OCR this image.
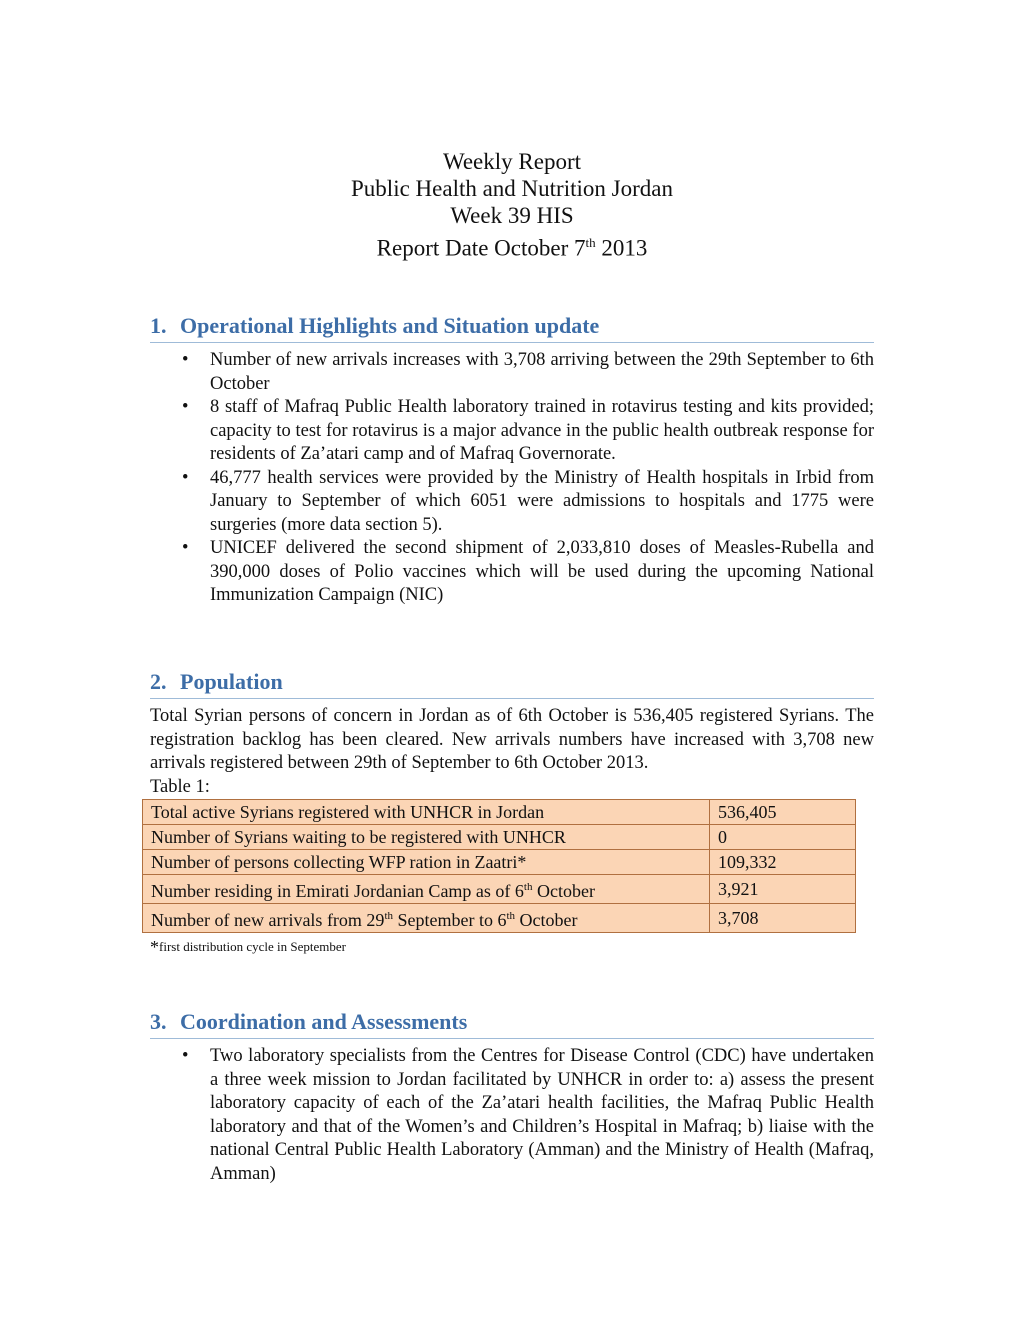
Weekly Report

Public Health and Nutrition Jordan

Week 39 HIS

Report Date October 7th 2013

1. Operational Highlights and Situation update
• Number of new arrivals increases with 3,708 arriving between the 29th September to 6th October
• 8 staff of Mafraq Public Health laboratory trained in rotavirus testing and kits provided; capacity to test for rotavirus is a major advance in the public health outbreak response for residents of Za’atari camp and of Mafraq Governorate.
• 46,777 health services were provided by the Ministry of Health hospitals in Irbid from January to September of which 6051 were admissions to hospitals and 1775 were surgeries (more data section 5).
• UNICEF delivered the second shipment of 2,033,810 doses of Measles-Rubella and 390,000 doses of Polio vaccines which will be used during the upcoming National Immunization Campaign (NIC)
2. Population

Total Syrian persons of concern in Jordan as of 6th October is 536,405 registered Syrians. The registration backlog has been cleared. New arrivals numbers have increased with 3,708 new arrivals registered between 29th of September to 6th October 2013.

Table 1:

Total active Syrians registered with UNHCR in Jordan	536,405
Number of Syrians waiting to be registered with UNHCR	0
Number of persons collecting WFP ration in Zaatri*	109,332
Number residing in Emirati Jordanian Camp as of 6th October	3,921
Number of new arrivals from 29th September to 6th October	3,708

*first distribution cycle in September

3. Coordination and Assessments
• Two laboratory specialists from the Centres for Disease Control (CDC) have undertaken a three week mission to Jordan facilitated by UNHCR in order to: a) assess the present laboratory capacity of each of the Za’atari health facilities, the Mafraq Public Health laboratory and that of the Women’s and Children’s Hospital in Mafraq; b) liaise with the national Central Public Health Laboratory (Amman) and the Ministry of Health (Mafraq, Amman)
